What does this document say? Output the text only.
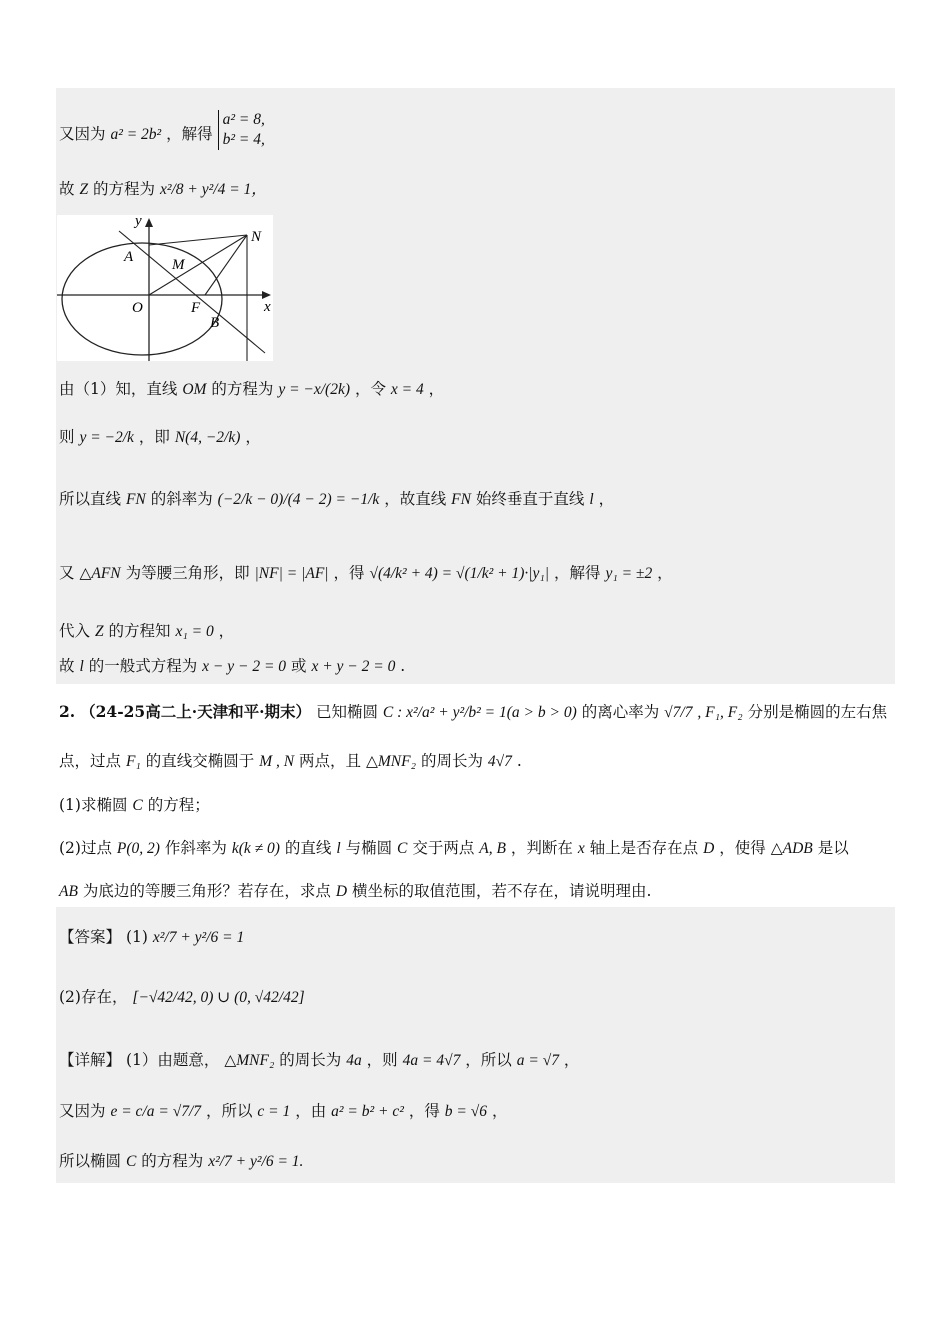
又因为 a² = 2b² ，解得 a² = 8,
b² = 4,
故 Z 的方程为 x²/8 + y²/4 = 1，
y
x
N
A	M
O	F
B
由（1）知，直线 OM 的方程为 y = −x/(2k) ，令 x = 4 ，
则 y = −2/k ，即 N(4, −2/k) ，
所以直线 FN 的斜率为 (−2/k − 0)/(4 − 2) = −1/k ，故直线 FN 始终垂直于直线 l ，
又 △AFN 为等腰三角形，即 |NF| = |AF| ，得 √(4/k² + 4) = √(1/k² + 1)·|y₁| ，解得 y₁ = ±2 ，
代入 Z 的方程知 x₁ = 0 ，
故 l 的一般式方程为 x − y − 2 = 0 或 x + y − 2 = 0 .
2. （24-25高二上·天津和平·期末） 已知椭圆 C : x²/a² + y²/b² = 1(a > b > 0) 的离心率为 √7/7 , F₁, F₂ 分别是椭圆的左右焦
点，过点 F₁ 的直线交椭圆于 M , N 两点，且 △MNF₂ 的周长为 4√7 .
(1)求椭圆 C 的方程；
(2)过点 P(0, 2) 作斜率为 k(k ≠ 0) 的直线 l 与椭圆 C 交于两点 A, B ，判断在 x 轴上是否存在点 D ，使得 △ADB 是以
AB 为底边的等腰三角形？若存在，求点 D 横坐标的取值范围，若不存在，请说明理由.
【答案】 (1) x²/7 + y²/6 = 1
(2)存在， [−√42/42, 0) ∪ (0, √42/42]
【详解】 (1）由题意， △MNF₂ 的周长为 4a ，则 4a = 4√7 ，所以 a = √7 ，
又因为 e = c/a = √7/7 ，所以 c = 1 ，由 a² = b² + c² ，得 b = √6 ，
所以椭圆 C 的方程为 x²/7 + y²/6 = 1.
